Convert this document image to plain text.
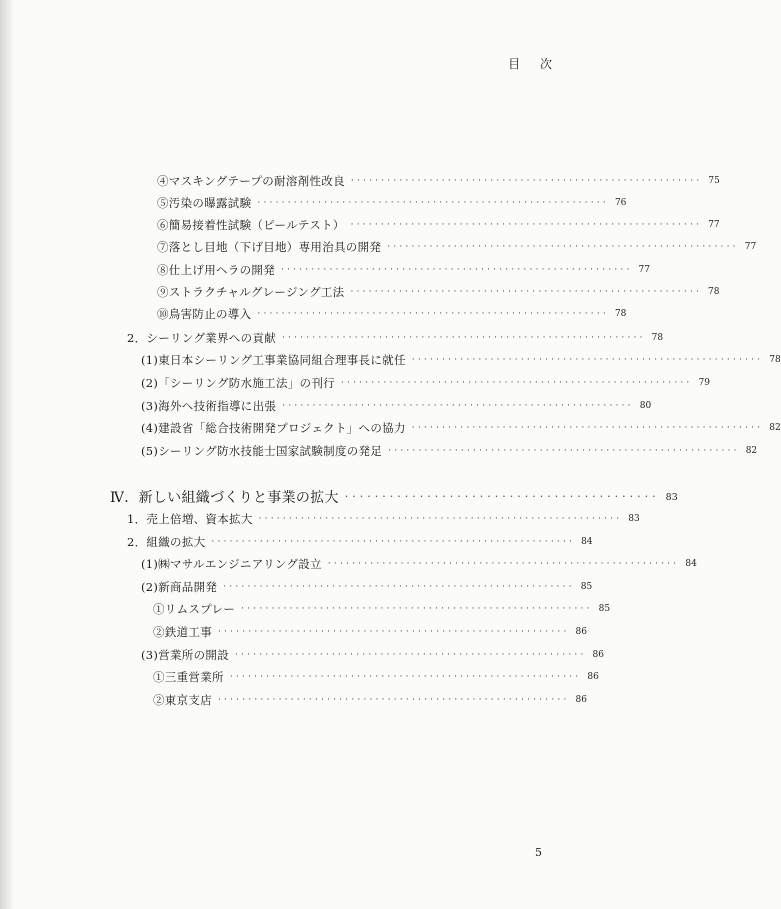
目 次
④マスキングテープの耐溶剤性改良 ·························································· 75
⑤汚染の曝露試験 ·························································· 76
⑥簡易接着性試験（ピールテスト） ·························································· 77
⑦落とし目地（下げ目地）専用治具の開発 ·························································· 77
⑧仕上げ用ヘラの開発 ·························································· 77
⑨ストラクチャルグレージング工法 ·························································· 78
⑩鳥害防止の導入 ·························································· 78
2．シーリング業界への貢献 ···························································· 78
(1)東日本シーリング工事業協同組合理事長に就任 ·························································· 78
(2)「シーリング防水施工法」の刊行 ·························································· 79
(3)海外へ技術指導に出張 ·························································· 80
(4)建設省「総合技術開発プロジェクト」への協力 ·························································· 82
(5)シーリング防水技能士国家試験制度の発足 ·························································· 82
Ⅳ．新しい組織づくりと事業の拡大 ·········································· 83
1．売上倍増、資本拡大 ···························································· 83
2．組織の拡大 ···························································· 84
(1)㈱マサルエンジニアリング設立 ·························································· 84
(2)新商品開発 ·························································· 85
①リムスプレー ·························································· 85
②鉄道工事 ·························································· 86
(3)営業所の開設 ·························································· 86
①三重営業所 ·························································· 86
②東京支店 ·························································· 86
5
